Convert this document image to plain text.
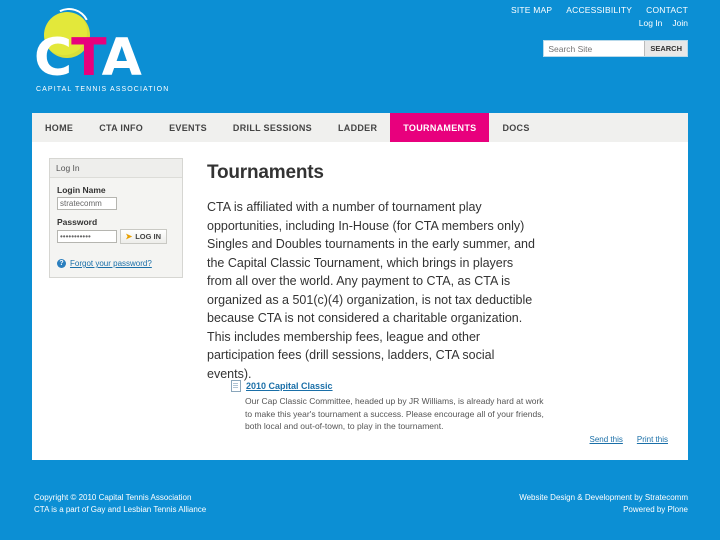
SITE MAP ACCESSIBILITY CONTACT
Log In Join
Search Site
SEARCH
CTA
CAPITAL TENNIS ASSOCIATION
HOME	CTA INFO	EVENTS	DRILL SESSIONS	LADDER	TOURNAMENTS	DOCS
Log In
Login Name
stratecomm
Password
•••••••••••
➤ LOG IN
? Forgot your password?
Tournaments

CTA is affiliated with a number of tournament play opportunities, including In-House (for CTA members only) Singles and Doubles tournaments in the early summer, and the Capital Classic Tournament, which brings in players from all over the world. Any payment to CTA, as CTA is organized as a 501(c)(4) organization, is not tax deductible because CTA is not considered a charitable organization. This includes membership fees, league and other participation fees (drill sessions, ladders, CTA social events).

2010 Capital Classic
Our Cap Classic Committee, headed up by JR Williams, is already hard at work to make this year's tournament a success. Please encourage all of your friends, both local and out-of-town, to play in the tournament.
Send this Print this
Copyright © 2010 Capital Tennis Association
CTA is a part of Gay and Lesbian Tennis Alliance
Website Design & Development by Stratecomm
Powered by Plone
